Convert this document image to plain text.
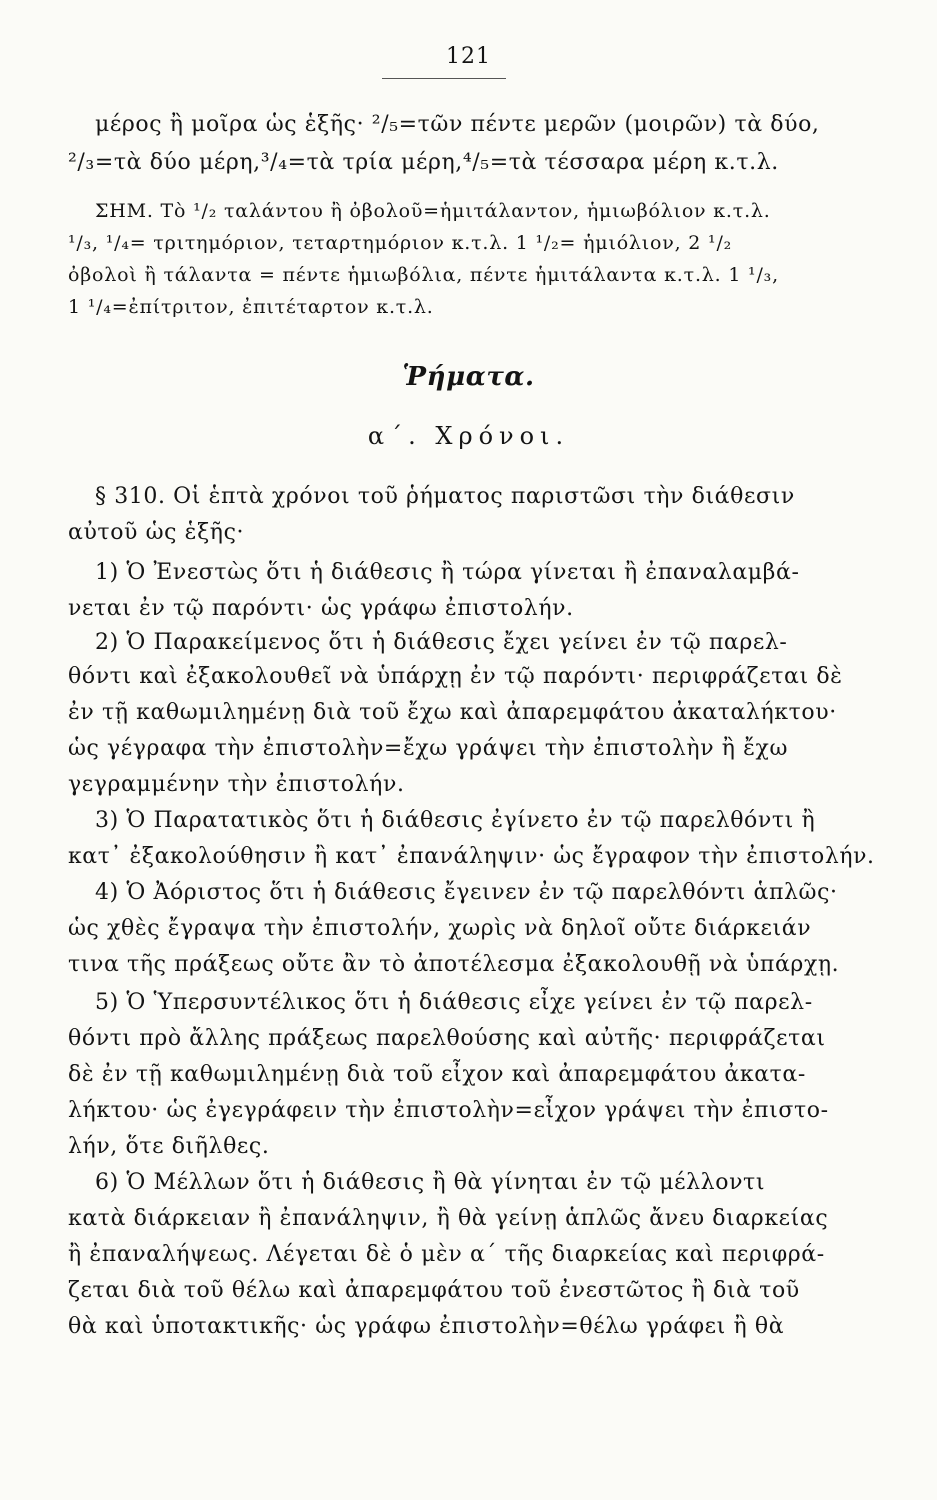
121
μέρος ἢ μοῖρα ὡς ἑξῆς· ²/₅=τῶν πέντε μερῶν (μοιρῶν) τὰ δύο,
²/₃=τὰ δύο μέρη,³/₄=τὰ τρία μέρη,⁴/₅=τὰ τέσσαρα μέρη κ.τ.λ.
ΣΗΜ. Τὸ ¹/₂ ταλάντου ἢ ὀβολοῦ=ἡμιτάλαντον, ἡμιωβόλιον κ.τ.λ.
¹/₃, ¹/₄= τριτημόριον, τεταρτημόριον κ.τ.λ. 1 ¹/₂= ἡμιόλιον, 2 ¹/₂
ὀβολοὶ ἢ τάλαντα = πέντε ἡμιωβόλια, πέντε ἡμιτάλαντα κ.τ.λ. 1 ¹/₃,
1 ¹/₄=ἐπίτριτον, ἐπιτέταρτον κ.τ.λ.
Ῥήματα.
α΄. Χρόνοι.
§ 310. Οἱ ἑπτὰ χρόνοι τοῦ ῥήματος παριστῶσι τὴν διάθεσιν
αὐτοῦ ὡς ἑξῆς·
1) Ὁ Ἐνεστὼς ὅτι ἡ διάθεσις ἢ τώρα γίνεται ἢ ἐπαναλαμβά-
νεται ἐν τῷ παρόντι· ὡς γράφω ἐπιστολήν.
2) Ὁ Παρακείμενος ὅτι ἡ διάθεσις ἔχει γείνει ἐν τῷ παρελ-
θόντι καὶ ἐξακολουθεῖ νὰ ὑπάρχῃ ἐν τῷ παρόντι· περιφράζεται δὲ
ἐν τῇ καθωμιλημένῃ διὰ τοῦ ἔχω καὶ ἀπαρεμφάτου ἀκαταλήκτου·
ὡς γέγραφα τὴν ἐπιστολὴν=ἔχω γράψει τὴν ἐπιστολὴν ἢ ἔχω
γεγραμμένην τὴν ἐπιστολήν.
3) Ὁ Παρατατικὸς ὅτι ἡ διάθεσις ἐγίνετο ἐν τῷ παρελθόντι ἢ
κατ᾽ ἐξακολούθησιν ἢ κατ᾽ ἐπανάληψιν· ὡς ἔγραφον τὴν ἐπιστολήν.
4) Ὁ Ἀόριστος ὅτι ἡ διάθεσις ἔγεινεν ἐν τῷ παρελθόντι ἁπλῶς·
ὡς χθὲς ἔγραψα τὴν ἐπιστολήν, χωρὶς νὰ δηλοῖ οὔτε διάρκειάν
τινα τῆς πράξεως οὔτε ἂν τὸ ἀποτέλεσμα ἐξακολουθῇ νὰ ὑπάρχῃ.
5) Ὁ Ὑπερσυντέλικος ὅτι ἡ διάθεσις εἶχε γείνει ἐν τῷ παρελ-
θόντι πρὸ ἄλλης πράξεως παρελθούσης καὶ αὐτῆς· περιφράζεται
δὲ ἐν τῇ καθωμιλημένῃ διὰ τοῦ εἶχον καὶ ἀπαρεμφάτου ἀκατα-
λήκτου· ὡς ἐγεγράφειν τὴν ἐπιστολὴν=εἶχον γράψει τὴν ἐπιστο-
λήν, ὅτε διῆλθες.
6) Ὁ Μέλλων ὅτι ἡ διάθεσις ἢ θὰ γίνηται ἐν τῷ μέλλοντι
κατὰ διάρκειαν ἢ ἐπανάληψιν, ἢ θὰ γείνῃ ἁπλῶς ἄνευ διαρκείας
ἢ ἐπαναλήψεως. Λέγεται δὲ ὁ μὲν α΄ τῆς διαρκείας καὶ περιφρά-
ζεται διὰ τοῦ θέλω καὶ ἀπαρεμφάτου τοῦ ἐνεστῶτος ἢ διὰ τοῦ
θὰ καὶ ὑποτακτικῆς· ὡς γράφω ἐπιστολὴν=θέλω γράφει ἢ θὰ
